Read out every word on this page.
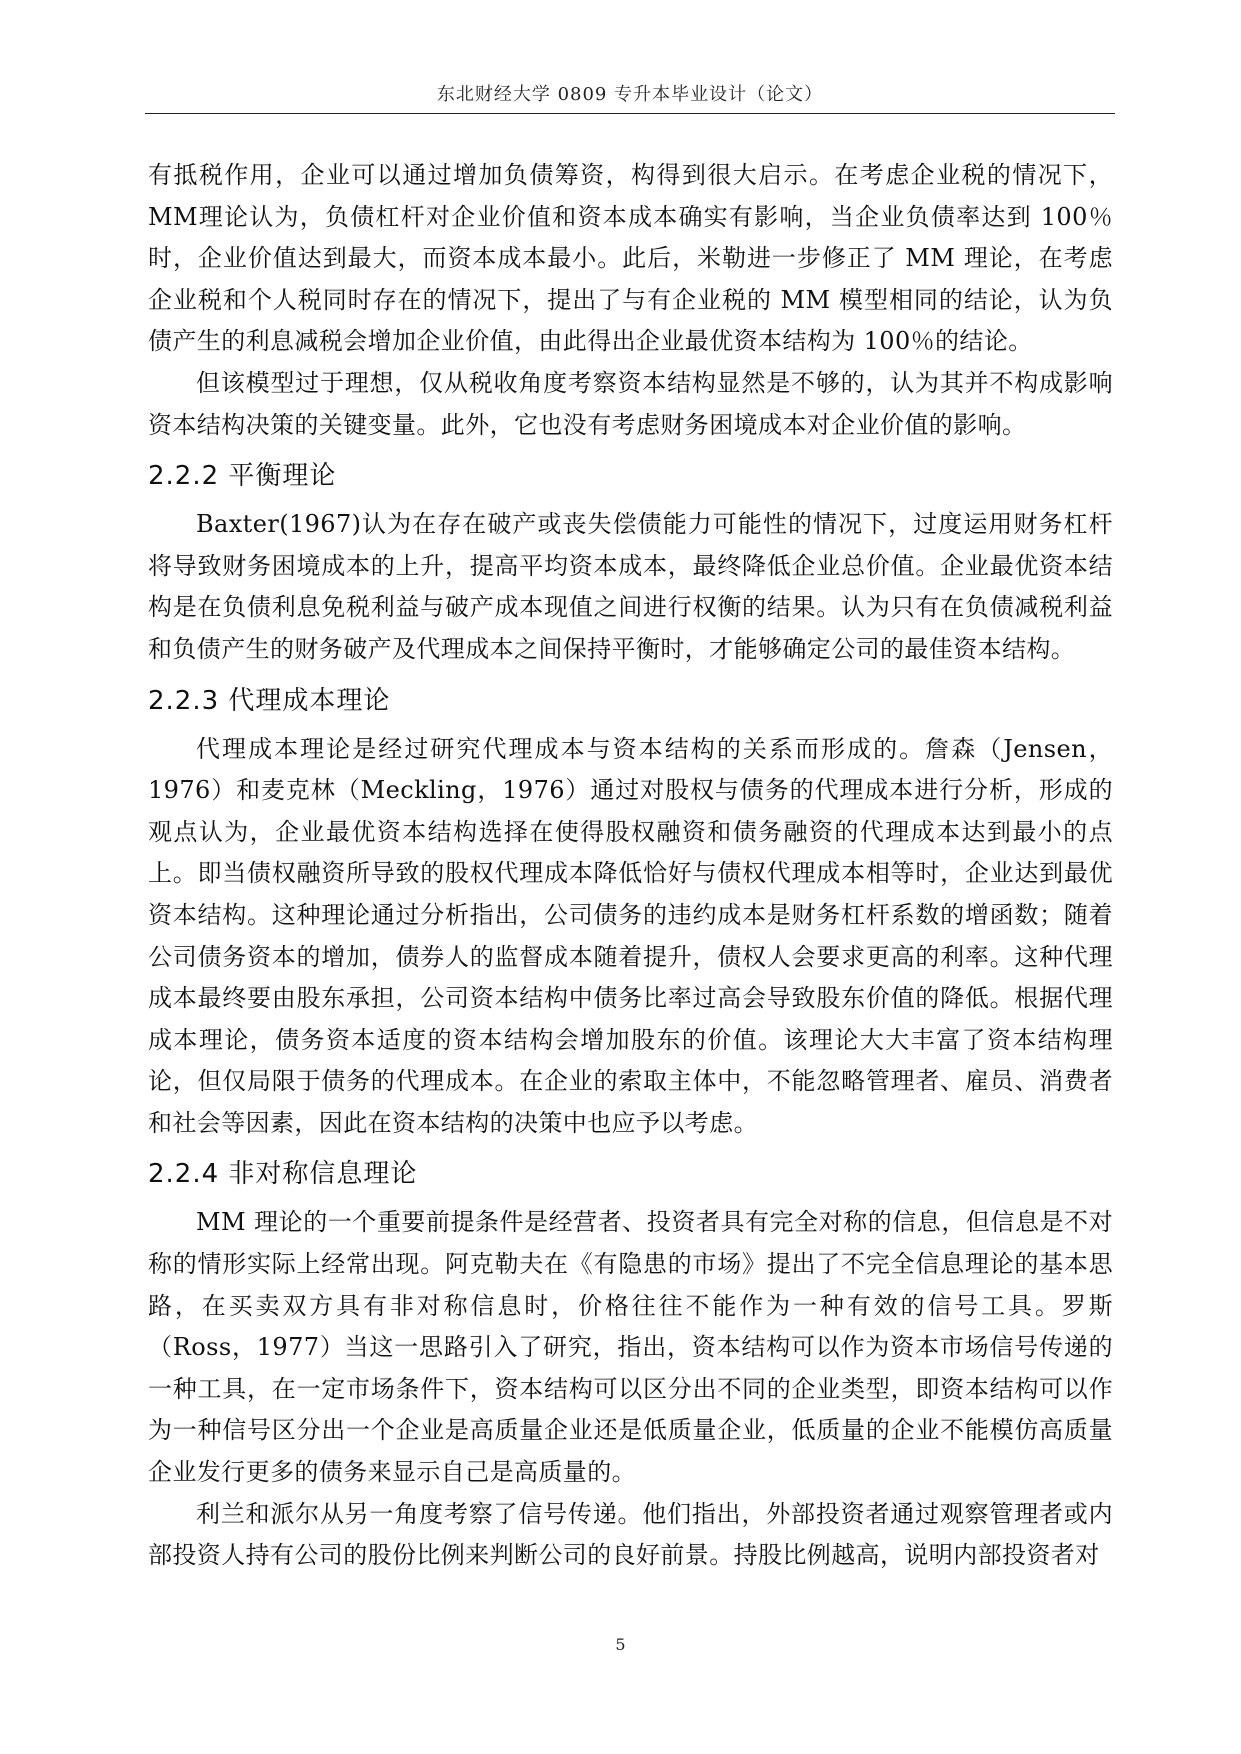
东北财经大学 0809 专升本毕业设计（论文）

有抵税作用，企业可以通过增加负债筹资，构得到很大启示。在考虑企业税的情况下，MM理论认为，负债杠杆对企业价值和资本成本确实有影响，当企业负债率达到 100％时，企业价值达到最大，而资本成本最小。此后，米勒进一步修正了 MM 理论，在考虑企业税和个人税同时存在的情况下，提出了与有企业税的 MM 模型相同的结论，认为负债产生的利息减税会增加企业价值，由此得出企业最优资本结构为 100％的结论。

但该模型过于理想，仅从税收角度考察资本结构显然是不够的，认为其并不构成影响资本结构决策的关键变量。此外，它也没有考虑财务困境成本对企业价值的影响。

2.2.2 平衡理论

Baxter(1967)认为在存在破产或丧失偿债能力可能性的情况下，过度运用财务杠杆将导致财务困境成本的上升，提高平均资本成本，最终降低企业总价值。企业最优资本结构是在负债利息免税利益与破产成本现值之间进行权衡的结果。认为只有在负债减税利益和负债产生的财务破产及代理成本之间保持平衡时，才能够确定公司的最佳资本结构。

2.2.3 代理成本理论

代理成本理论是经过研究代理成本与资本结构的关系而形成的。詹森（Jensen，1976）和麦克林（Meckling，1976）通过对股权与债务的代理成本进行分析，形成的观点认为，企业最优资本结构选择在使得股权融资和债务融资的代理成本达到最小的点上。即当债权融资所导致的股权代理成本降低恰好与债权代理成本相等时，企业达到最优资本结构。这种理论通过分析指出，公司债务的违约成本是财务杠杆系数的增函数；随着公司债务资本的增加，债券人的监督成本随着提升，债权人会要求更高的利率。这种代理成本最终要由股东承担，公司资本结构中债务比率过高会导致股东价值的降低。根据代理成本理论，债务资本适度的资本结构会增加股东的价值。该理论大大丰富了资本结构理论，但仅局限于债务的代理成本。在企业的索取主体中，不能忽略管理者、雇员、消费者和社会等因素，因此在资本结构的决策中也应予以考虑。

2.2.4 非对称信息理论

MM 理论的一个重要前提条件是经营者、投资者具有完全对称的信息，但信息是不对称的情形实际上经常出现。阿克勒夫在《有隐患的市场》提出了不完全信息理论的基本思路，在买卖双方具有非对称信息时，价格往往不能作为一种有效的信号工具。罗斯（Ross，1977）当这一思路引入了研究，指出，资本结构可以作为资本市场信号传递的一种工具，在一定市场条件下，资本结构可以区分出不同的企业类型，即资本结构可以作为一种信号区分出一个企业是高质量企业还是低质量企业，低质量的企业不能模仿高质量企业发行更多的债务来显示自己是高质量的。

利兰和派尔从另一角度考察了信号传递。他们指出，外部投资者通过观察管理者或内部投资人持有公司的股份比例来判断公司的良好前景。持股比例越高，说明内部投资者对

5
